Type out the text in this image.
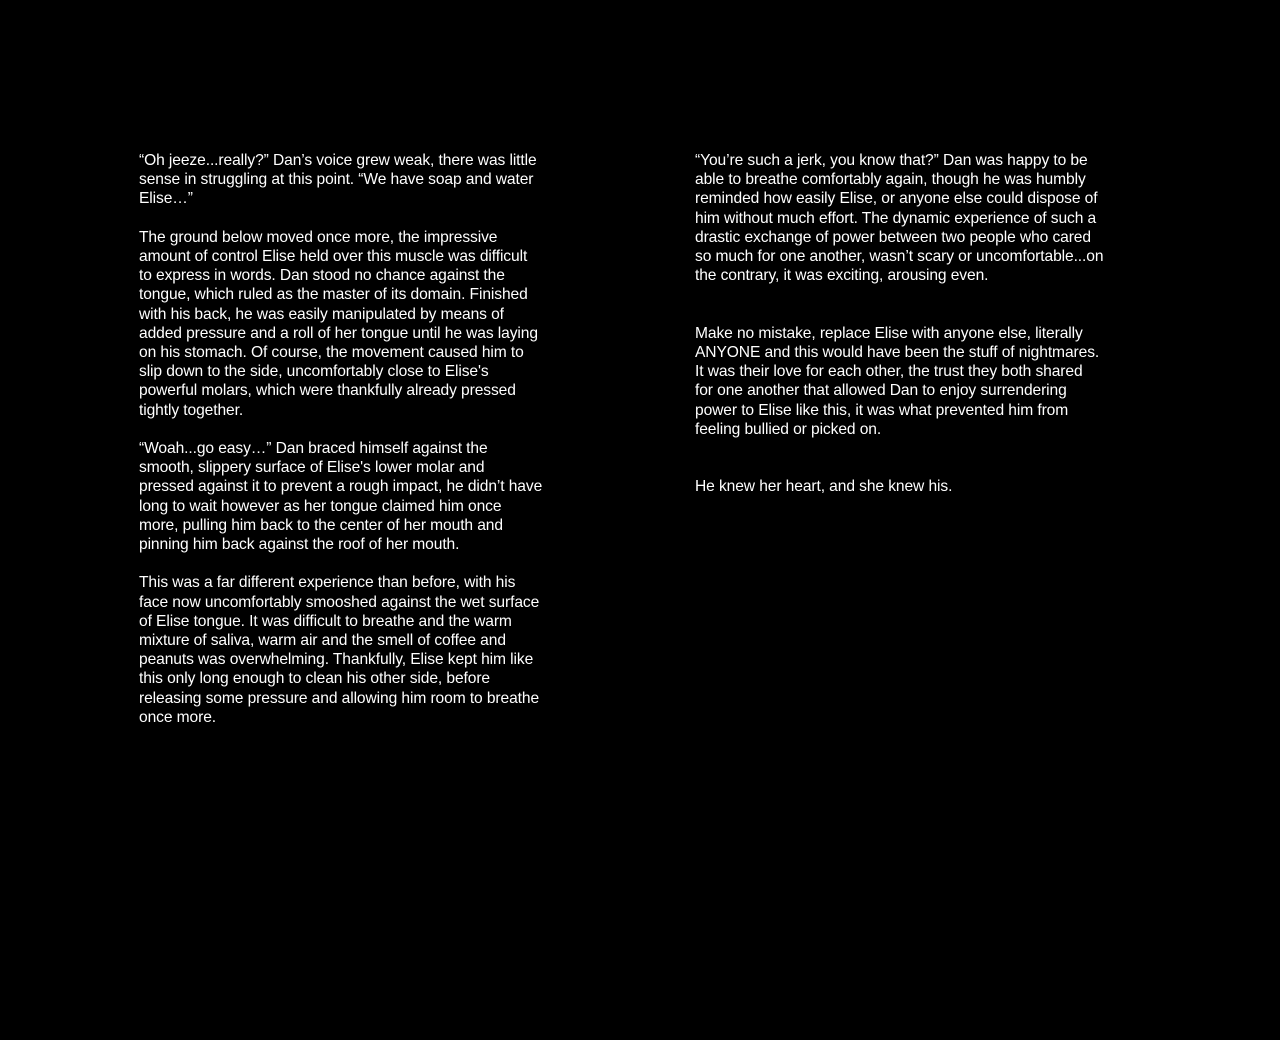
“Oh jeeze...really?” Dan’s voice grew weak, there was little
sense in struggling at this point. “We have soap and water
Elise…”

The ground below moved once more, the impressive
amount of control Elise held over this muscle was difficult
to express in words. Dan stood no chance against the
tongue, which ruled as the master of its domain. Finished
with his back, he was easily manipulated by means of
added pressure and a roll of her tongue until he was laying
on his stomach. Of course, the movement caused him to
slip down to the side, uncomfortably close to Elise's
powerful molars, which were thankfully already pressed
tightly together.

“Woah...go easy…” Dan braced himself against the
smooth, slippery surface of Elise's lower molar and
pressed against it to prevent a rough impact, he didn’t have
long to wait however as her tongue claimed him once
more, pulling him back to the center of her mouth and
pinning him back against the roof of her mouth.

This was a far different experience than before, with his
face now uncomfortably smooshed against the wet surface
of Elise tongue. It was difficult to breathe and the warm
mixture of saliva, warm air and the smell of coffee and
peanuts was overwhelming. Thankfully, Elise kept him like
this only long enough to clean his other side, before
releasing some pressure and allowing him room to breathe
once more.

“You’re such a jerk, you know that?” Dan was happy to be
able to breathe comfortably again, though he was humbly
reminded how easily Elise, or anyone else could dispose of
him without much effort. The dynamic experience of such a
drastic exchange of power between two people who cared
so much for one another, wasn’t scary or uncomfortable...on
the contrary, it was exciting, arousing even.

Make no mistake, replace Elise with anyone else, literally
ANYONE and this would have been the stuff of nightmares.
It was their love for each other, the trust they both shared
for one another that allowed Dan to enjoy surrendering
power to Elise like this, it was what prevented him from
feeling bullied or picked on.

He knew her heart, and she knew his.
